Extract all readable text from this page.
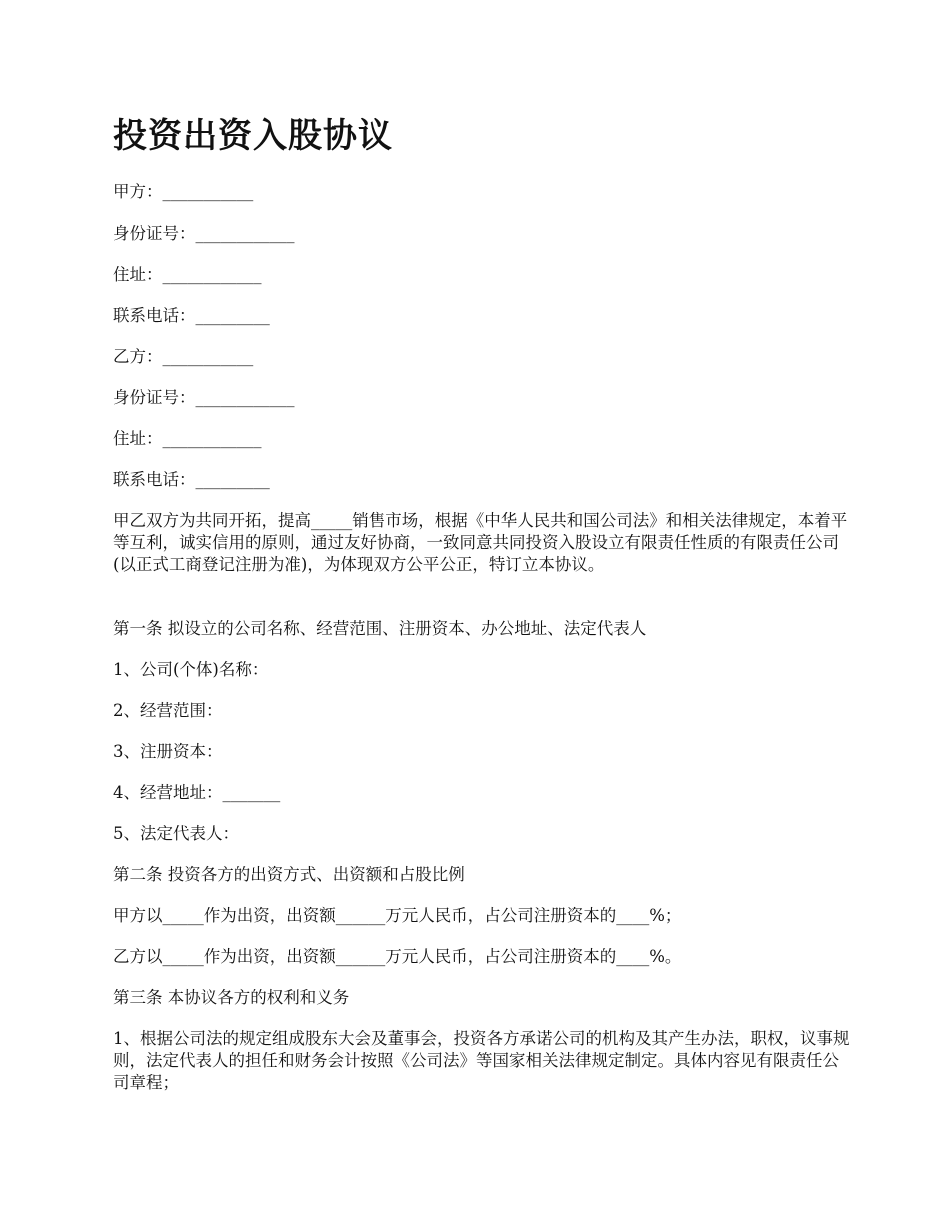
投资出资入股协议

甲方：___________

身份证号：____________

住址：____________

联系电话：_________

乙方：___________

身份证号：____________

住址：____________

联系电话：_________

甲乙双方为共同开拓，提高_____销售市场，根据《中华人民共和国公司法》和相关法律规定，本着平等互利，诚实信用的原则，通过友好协商，一致同意共同投资入股设立有限责任性质的有限责任公司(以正式工商登记注册为准)，为体现双方公平公正，特订立本协议。

第一条 拟设立的公司名称、经营范围、注册资本、办公地址、法定代表人

1、公司(个体)名称：

2、经营范围：

3、注册资本：

4、经营地址：_______

5、法定代表人：

第二条 投资各方的出资方式、出资额和占股比例

甲方以_____作为出资，出资额______万元人民币，占公司注册资本的____%；

乙方以_____作为出资，出资额______万元人民币，占公司注册资本的____%。

第三条 本协议各方的权利和义务

1、根据公司法的规定组成股东大会及董事会，投资各方承诺公司的机构及其产生办法，职权，议事规则，法定代表人的担任和财务会计按照《公司法》等国家相关法律规定制定。具体内容见有限责任公司章程；
